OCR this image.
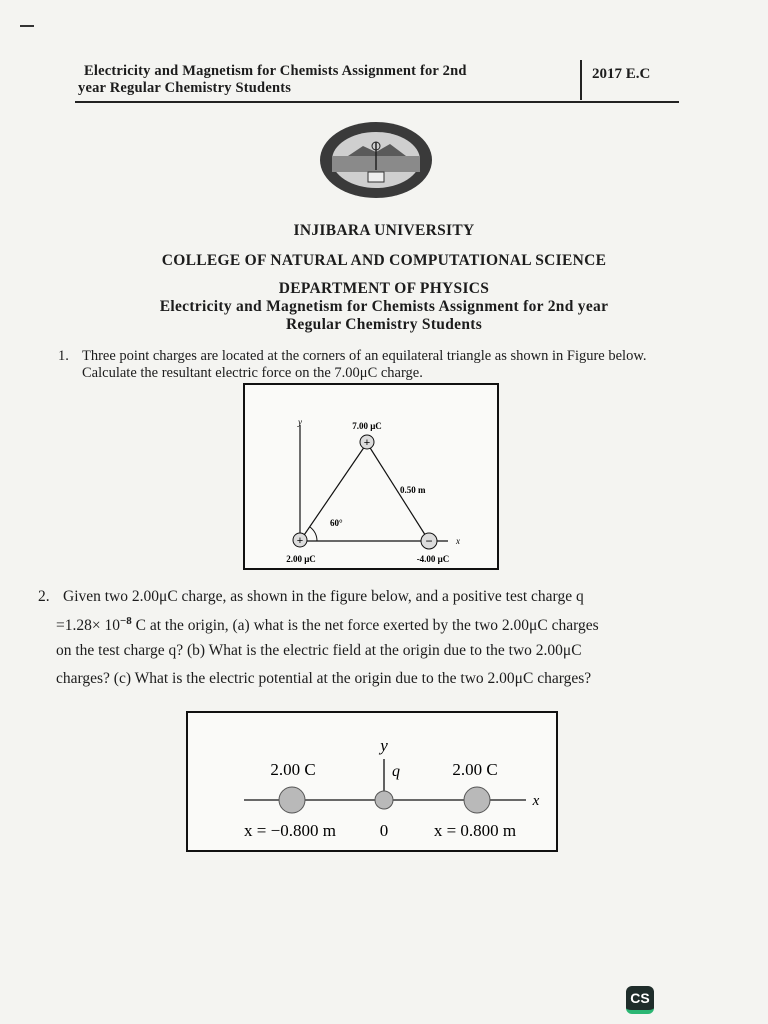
Electricity and Magnetism for Chemists Assignment for 2nd
year Regular Chemistry Students
2017 E.C
INJIBARA UNIVERSITY
COLLEGE OF NATURAL AND COMPUTATIONAL SCIENCE
DEPARTMENT OF PHYSICS
Electricity and Magnetism for Chemists Assignment for 2nd year
Regular Chemistry Students
1. Three point charges are located at the corners of an equilateral triangle as shown in Figure below. Calculate the resultant electric force on the 7.00μC charge.
+
+	−
y
x
7.00 μC
0.50 m
60°
2.00 μC	-4.00 μC
2. Given two 2.00μC charge, as shown in the figure below, and a positive test charge q
$=1.28\times 10^{-8}$ C at the origin, (a) what is the net force exerted by the two 2.00μC charges
on the test charge q? (b) What is the electric field at the origin due to the two 2.00μC
charges? (c) What is the electric potential at the origin due to the two 2.00μC charges?
y
x
2.00 C	2.00 C
q
x = −0.800 m	0	x = 0.800 m
CS
